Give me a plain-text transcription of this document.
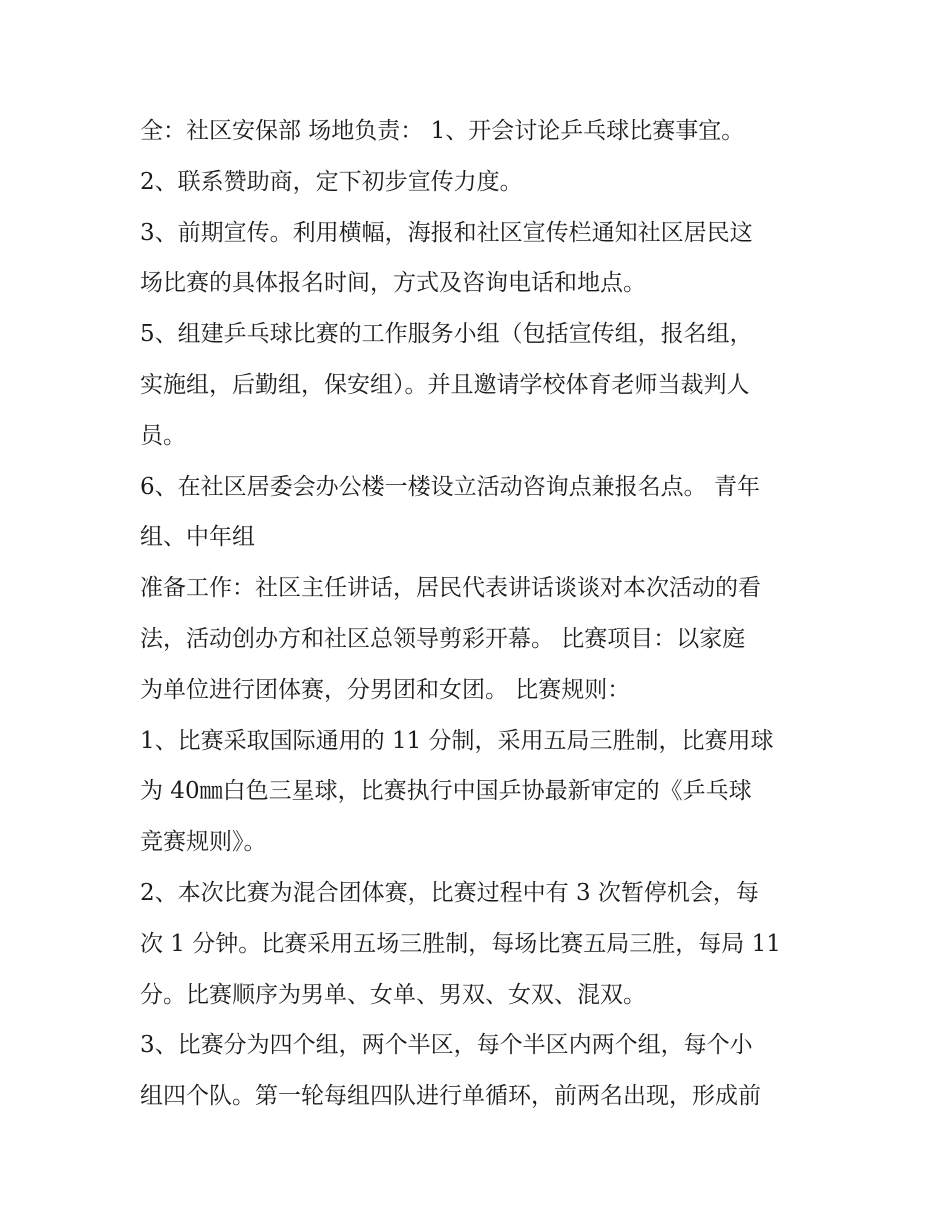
全：社区安保部 场地负责： 1、开会讨论乒乓球比赛事宜。
2、联系赞助商，定下初步宣传力度。
3、前期宣传。利用横幅，海报和社区宣传栏通知社区居民这
场比赛的具体报名时间，方式及咨询电话和地点。
5、组建乒乓球比赛的工作服务小组（包括宣传组，报名组，
实施组，后勤组，保安组）。并且邀请学校体育老师当裁判人
员。
6、在社区居委会办公楼一楼设立活动咨询点兼报名点。 青年
组、中年组
准备工作：社区主任讲话，居民代表讲话谈谈对本次活动的看
法，活动创办方和社区总领导剪彩开幕。 比赛项目：以家庭
为单位进行团体赛，分男团和女团。 比赛规则：
1、比赛采取国际通用的 11 分制，采用五局三胜制，比赛用球
为 40㎜白色三星球，比赛执行中国乒协最新审定的《乒乓球
竞赛规则》。
2、本次比赛为混合团体赛，比赛过程中有 3 次暂停机会，每
次 1 分钟。比赛采用五场三胜制，每场比赛五局三胜，每局 11
分。比赛顺序为男单、女单、男双、女双、混双。
3、比赛分为四个组，两个半区，每个半区内两个组，每个小
组四个队。第一轮每组四队进行单循环，前两名出现，形成前
